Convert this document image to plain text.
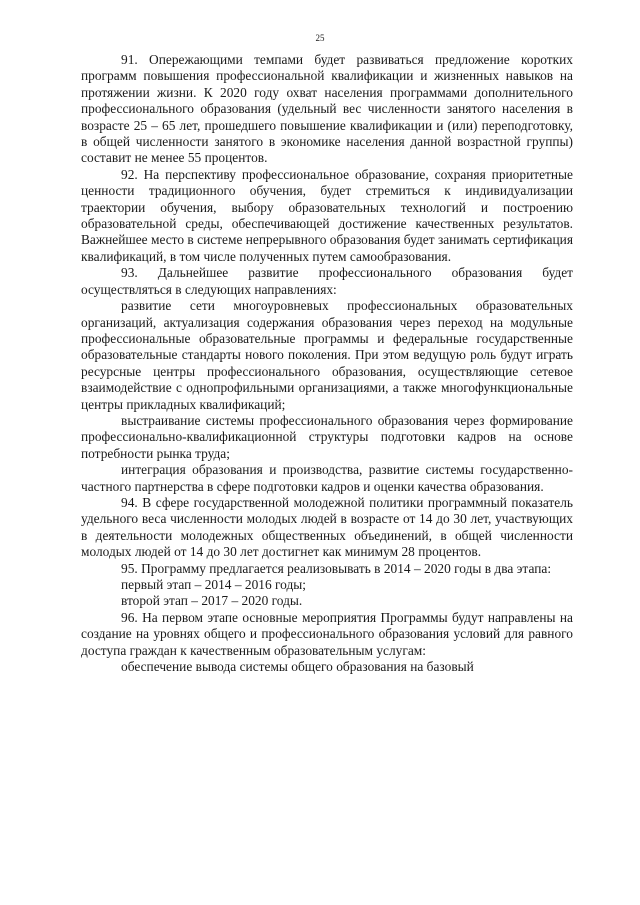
25

91. Опережающими темпами будет развиваться предложение коротких программ повышения профессиональной квалификации и жизненных навыков на протяжении жизни. К 2020 году охват населения программами дополнительного профессионального образования (удельный вес численности занятого населения в возрасте 25 – 65 лет, прошедшего повышение квалификации и (или) переподготовку, в общей численности занятого в экономике населения данной возрастной группы) составит не менее 55 процентов.

92. На перспективу профессиональное образование, сохраняя приоритетные ценности традиционного обучения, будет стремиться к индивидуализации траектории обучения, выбору образовательных технологий и построению образовательной среды, обеспечивающей достижение качественных результатов. Важнейшее место в системе непрерывного образования будет занимать сертификация квалификаций, в том числе полученных путем самообразования.

93. Дальнейшее развитие профессионального образования будет осуществляться в следующих направлениях:

развитие сети многоуровневых профессиональных образовательных организаций, актуализация содержания образования через переход на модульные профессиональные образовательные программы и федеральные государственные образовательные стандарты нового поколения. При этом ведущую роль будут играть ресурсные центры профессионального образования, осуществляющие сетевое взаимодействие с однопрофильными организациями, а также многофункциональные центры прикладных квалификаций;

выстраивание системы профессионального образования через формирование профессионально-квалификационной структуры подготовки кадров на основе потребности рынка труда;

интеграция образования и производства, развитие системы государственно-частного партнерства в сфере подготовки кадров и оценки качества образования.

94. В сфере государственной молодежной политики программный показатель удельного веса численности молодых людей в возрасте от 14 до 30 лет, участвующих в деятельности молодежных общественных объединений, в общей численности молодых людей от 14 до 30 лет достигнет как минимум 28 процентов.

95. Программу предлагается реализовывать в 2014 – 2020 годы в два этапа:

первый этап – 2014 – 2016 годы;

второй этап – 2017 – 2020 годы.

96. На первом этапе основные мероприятия Программы будут направлены на создание на уровнях общего и профессионального образования условий для равного доступа граждан к качественным образовательным услугам:

обеспечение вывода системы общего образования на базовый
